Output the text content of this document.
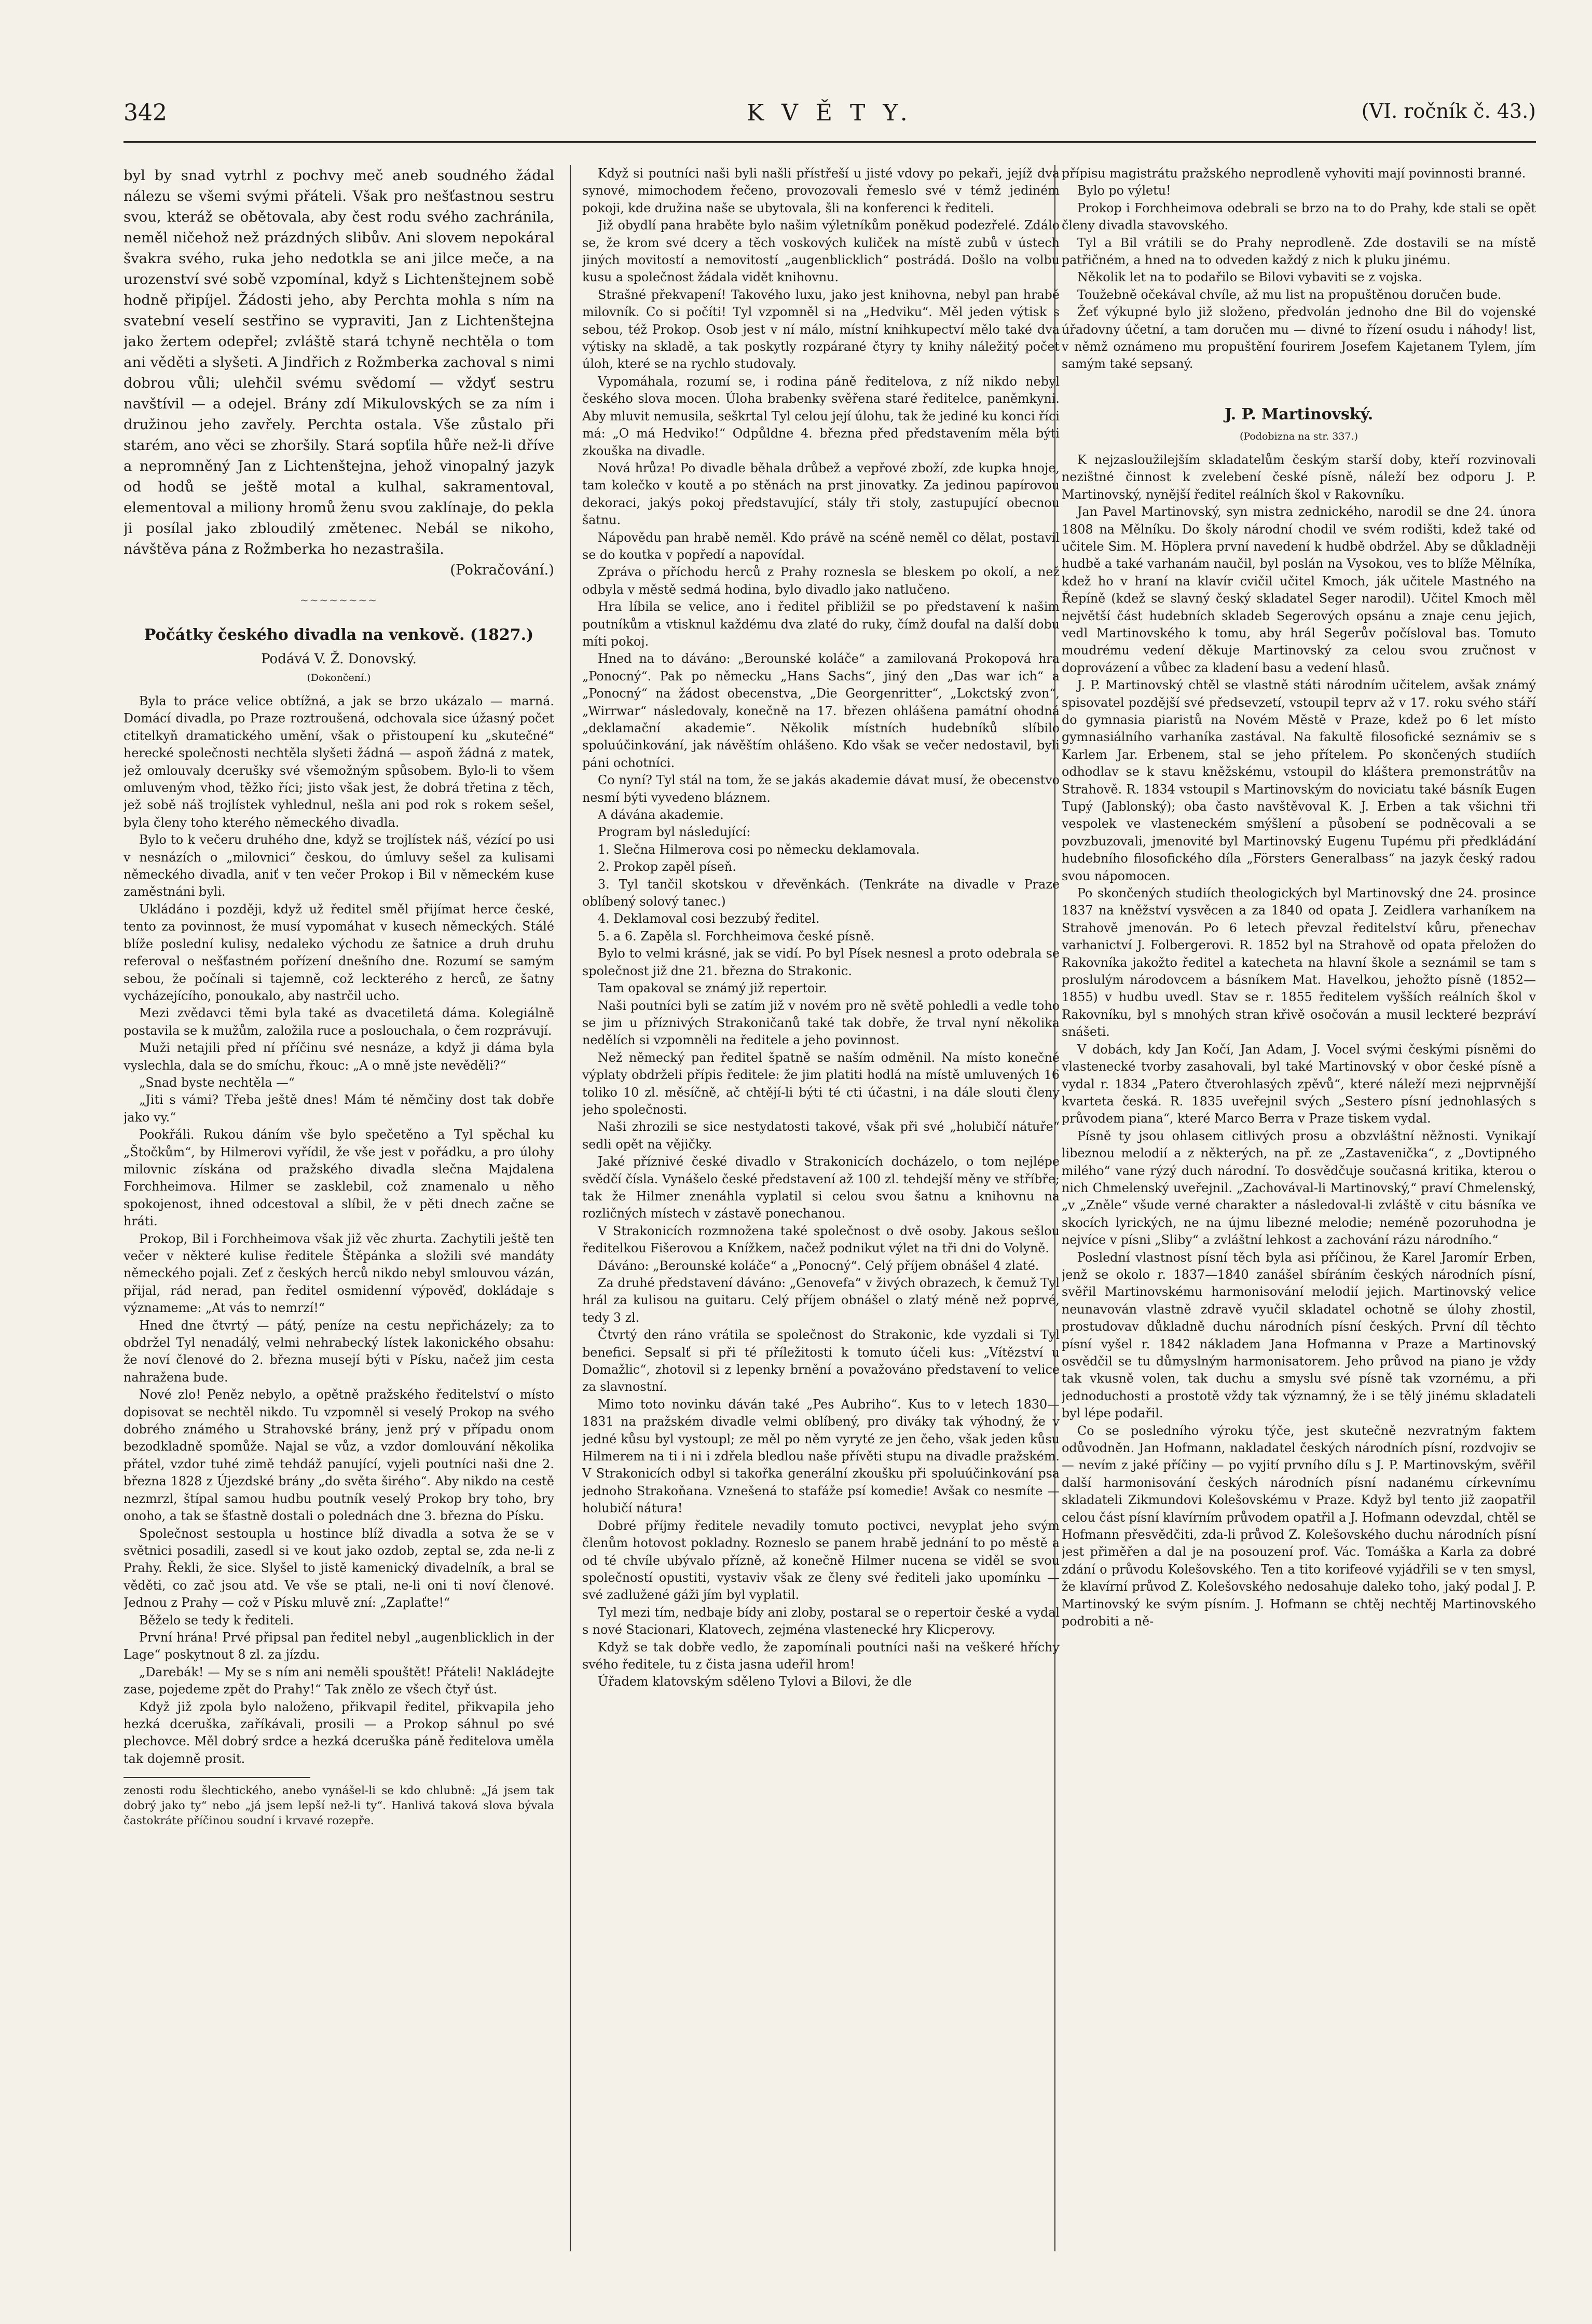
342	K V Ě T Y.	(VI. ročník č. 43.)

byl by snad vytrhl z pochvy meč aneb soudného žádal nálezu se všemi svými přáteli. Však pro nešťastnou sestru svou, kteráž se obětovala, aby čest rodu svého zachránila, neměl ničehož než prázdných slibův. Ani slovem nepokáral švakra svého, ruka jeho nedotkla se ani jilce meče, a na urozenství své sobě vzpomínal, když s Lichtenštejnem sobě hodně připíjel. Žádosti jeho, aby Perchta mohla s ním na svatební veselí sestřino se vypraviti, Jan z Lichtenštejna jako žertem odepřel; zvláště stará tchyně nechtěla o tom ani věděti a slyšeti. A Jindřich z Rožmberka zachoval s nimi dobrou vůli; ulehčil svému svědomí — vždyť sestru navštívil — a odejel. Brány zdí Mikulovských se za ním i družinou jeho zavřely. Perchta ostala. Vše zůstalo při starém, ano věci se zhoršily. Stará sopťila hůře než-li dříve a nepromněný Jan z Lichtenštejna, jehož vinopalný jazyk od hodů se ještě motal a kulhal, sakramentoval, elementoval a miliony hromů ženu svou zaklínaje, do pekla ji posílal jako zbloudilý změtenec. Nebál se nikoho, návštěva pána z Rožmberka ho nezastrašila.

(Pokračování.)

~~~~~~~~
Počátky českého divadla na venkově. (1827.)
Podává V. Ž. Donovský.
(Dokončení.)

Byla to práce velice obtížná, a jak se brzo ukázalo — marná. Domácí divadla, po Praze roztroušená, odchovala sice úžasný počet ctitelkyň dramatického umění, však o přistoupení ku „skutečné“ herecké společnosti nechtěla slyšeti žádná — aspoň žádná z matek, jež omlouvaly dcerušky své všemožným spůsobem. Bylo-li to všem omluveným vhod, těžko říci; jisto však jest, že dobrá třetina z těch, jež sobě náš trojlístek vyhlednul, nešla ani pod rok s rokem sešel, byla členy toho kterého německého divadla.

Bylo to k večeru druhého dne, když se trojlístek náš, vézící po usi v nesnázích o „milovnici“ českou, do úmluvy sešel za kulisami německého divadla, aniť v ten večer Prokop i Bil v německém kuse zaměstnáni byli.

Ukládáno i později, když už ředitel směl přijímat herce české, tento za povinnost, že musí vypomáhat v kusech německých. Stálé blíže poslední kulisy, nedaleko východu ze šatnice a druh druhu referoval o nešťastném pořízení dnešního dne. Rozumí se samým sebou, že počínali si tajemně, což leckterého z herců, ze šatny vycházejícího, ponoukalo, aby nastrčil ucho.

Mezi zvědavci těmi byla také as dvacetiletá dáma. Kolegiálně postavila se k mužům, založila ruce a poslouchala, o čem rozprávují.

Muži netajili před ní příčinu své nesnáze, a když ji dáma byla vyslechla, dala se do smíchu, řkouc: „A o mně jste nevěděli?“

„Snad byste nechtěla —“

„Jiti s vámi? Třeba ještě dnes! Mám té němčiny dost tak dobře jako vy.“

Pookřáli. Rukou dáním vše bylo spečetěno a Tyl spěchal ku „Štočkům“, by Hilmerovi vyřídil, že vše jest v pořádku, a pro úlohy milovnic získána od pražského divadla slečna Majdalena Forchheimova. Hilmer se zasklebil, což znamenalo u něho spokojenost, ihned odcestoval a slíbil, že v pěti dnech začne se hráti.

Prokop, Bil i Forchheimova však již věc zhurta. Zachytili ještě ten večer v některé kulise ředitele Štěpánka a složili své mandáty německého pojali. Zeť z českých herců nikdo nebyl smlouvou vázán, přijal, rád nerad, pan ředitel osmidenní výpověď, dokládaje s význameme: „At vás to nemrzí!“

Hned dne čtvrtý — pátý, peníze na cestu nepřicházely; za to obdržel Tyl nenadálý, velmi nehrabecký lístek lakonického obsahu: že noví členové do 2. března musejí býti v Písku, načež jim cesta nahražena bude.

Nové zlo! Peněz nebylo, a opětně pražského ředitelství o místo dopisovat se nechtěl nikdo. Tu vzpomněl si veselý Prokop na svého dobrého známého u Strahovské brány, jenž prý v případu onom bezodkladně spomůže. Najal se vůz, a vzdor domlouvání několika přátel, vzdor tuhé zimě tehdáž panující, vyjeli poutníci naši dne 2. března 1828 z Újezdské brány „do světa širého“. Aby nikdo na cestě nezmrzl, štípal samou hudbu poutník veselý Prokop bry toho, bry onoho, a tak se šťastně dostali o polednách dne 3. března do Písku.

Společnost sestoupla u hostince blíž divadla a sotva že se v světnici posadili, zasedl si ve kout jako ozdob, zeptal se, zda ne-li z Prahy. Řekli, že sice. Slyšel to jistě kamenický divadelník, a bral se věděti, co zač jsou atd. Ve vše se ptali, ne-li oni ti noví členové. Jednou z Prahy — což v Písku mluvě zní: „Zaplaťte!“

Běželo se tedy k řediteli.

První hrána! Prvé připsal pan ředitel nebyl „augenblicklich in der Lage“ poskytnout 8 zl. za jízdu.

„Darebák! — My se s ním ani neměli spouštět! Přáteli! Nakládejte zase, pojedeme zpět do Prahy!“ Tak znělo ze všech čtyř úst.

Když již zpola bylo naloženo, přikvapil ředitel, přikvapila jeho hezká dceruška, zaříkávali, prosili — a Prokop sáhnul po své plechovce. Měl dobrý srdce a hezká dceruška páně ředitelova uměla tak dojemně prosit.

zenosti rodu šlechtického, anebo vynášel-li se kdo chlubně: „Já jsem tak dobrý jako ty“ nebo „já jsem lepší než-li ty“. Hanlivá taková slova bývala častokráte příčinou soudní i krvavé rozepře.

Když si poutníci naši byli našli přístřeší u jisté vdovy po pekaři, jejíž dva synové, mimochodem řečeno, provozovali řemeslo své v témž jediném pokoji, kde družina naše se ubytovala, šli na konferenci k řediteli.

Již obydlí pana hraběte bylo našim výletníkům poněkud podezřelé. Zdálo se, že krom své dcery a těch voskových kuliček na místě zubů v ústech jiných movitostí a nemovitostí „augenblicklich“ postrádá. Došlo na volbu kusu a společnost žádala vidět knihovnu.

Strašné překvapení! Takového luxu, jako jest knihovna, nebyl pan hrabě milovník. Co si počíti! Tyl vzpomněl si na „Hedviku“. Měl jeden výtisk s sebou, též Prokop. Osob jest v ní málo, místní knihkupectví mělo také dva výtisky na skladě, a tak poskytly rozpárané čtyry ty knihy náležitý počet úloh, které se na rychlo studovaly.

Vypomáhala, rozumí se, i rodina páně ředitelova, z níž nikdo nebyl českého slova mocen. Úloha brabenky svěřena staré ředitelce, paněmkyni. Aby mluvit nemusila, seškrtal Tyl celou její úlohu, tak že jediné ku konci říci má: „O má Hedviko!“ Odpůldne 4. března před představením měla býti zkouška na divadle.

Nová hrůza! Po divadle běhala drůbež a vepřové zboží, zde kupka hnoje, tam kolečko v koutě a po stěnách na prst jinovatky. Za jedinou papírovou dekoraci, jakýs pokoj představující, stály tři stoly, zastupující obecnou šatnu.

Nápovědu pan hrabě neměl. Kdo právě na scéně neměl co dělat, postavil se do koutka v popředí a napovídal.

Zpráva o příchodu herců z Prahy roznesla se bleskem po okolí, a než odbyla v městě sedmá hodina, bylo divadlo jako natlučeno.

Hra líbila se velice, ano i ředitel přibližil se po představení k našim poutníkům a vtisknul každému dva zlaté do ruky, čímž doufal na další dobu míti pokoj.

Hned na to dáváno: „Berounské koláče“ a zamilovaná Prokopová hra „Ponocný“. Pak po německu „Hans Sachs“, jiný den „Das war ich“ a „Ponocný“ na žádost obecenstva, „Die Georgenritter“, „Lokctský zvon“, „Wirrwar“ následovaly, konečně na 17. březen ohlášena památní ohodná „deklamační akademie“. Několik místních hudebníků slíbilo spoluúčinkování, jak návěštím ohlášeno. Kdo však se večer nedostavil, byli páni ochotníci.

Co nyní? Tyl stál na tom, že se jakás akademie dávat musí, že obecenstvo nesmí býti vyvedeno bláznem.

A dávána akademie.

Program byl následující:

1. Slečna Hilmerova cosi po německu deklamovala.

2. Prokop zapěl píseň.

3. Tyl tančil skotskou v dřevěnkách. (Tenkráte na divadle v Praze oblíbený solový tanec.)

4. Deklamoval cosi bezzubý ředitel.

5. a 6. Zapěla sl. Forchheimova české písně.

Bylo to velmi krásné, jak se vidí. Po byl Písek nesnesl a proto odebrala se společnost již dne 21. března do Strakonic.

Tam opakoval se známý již repertoir.

Naši poutníci byli se zatím již v novém pro ně světě pohledli a vedle toho se jim u příznivých Strakoničanů také tak dobře, že trval nyní několika nedělích si vzpomněli na ředitele a jeho povinnost.

Než německý pan ředitel špatně se naším odměnil. Na místo konečné výplaty obdrželi přípis ředitele: že jim platiti hodlá na místě umluvených 16 toliko 10 zl. měsíčně, ač chtějí-li býti té cti účastni, i na dále slouti členy jeho společnosti.

Naši zhrozili se sice nestydatosti takové, však při své „holubičí nátuře“ sedli opět na vějičky.

Jaké příznivé české divadlo v Strakonicích docházelo, o tom nejlépe svědčí čísla. Vynášelo české představení až 100 zl. tehdejší měny ve stříbře; tak že Hilmer znenáhla vyplatil si celou svou šatnu a knihovnu na rozličných místech v zástavě ponechanou.

V Strakonicích rozmnožena také společnost o dvě osoby. Jakous sešlou ředitelkou Fišerovou a Knížkem, načež podnikut výlet na tři dni do Volyně.

Dáváno: „Berounské koláče“ a „Ponocný“. Celý příjem obnášel 4 zlaté.

Za druhé představení dáváno: „Genovefa“ v živých obrazech, k čemuž Tyl hrál za kulisou na guitaru. Celý příjem obnášel o zlatý méně než poprvé, tedy 3 zl.

Čtvrtý den ráno vrátila se společnost do Strakonic, kde vyzdali si Tyl benefici. Sepsalť si při té příležitosti k tomuto účeli kus: „Vítězství u Domažlic“, zhotovil si z lepenky brnění a považováno představení to velice za slavnostní.

Mimo toto novinku dáván také „Pes Aubriho“. Kus to v letech 1830—1831 na pražském divadle velmi oblíbený, pro diváky tak výhodný, že v jedné kůsu byl vystoupl; ze měl po něm vyryté ze jen čeho, však jeden kůsu Hilmerem na ti i ni i zdřela bledlou naše přívěti stupu na divadle pražském. V Strakonicích odbyl si takořka generální zkoušku při spoluúčinkování psa jednoho Strakoňana. Vznešená to stafáže psí komedie! Avšak co nesmíte — holubičí nátura!

Dobré příjmy ředitele nevadily tomuto poctivci, nevyplat jeho svým členům hotovost pokladny. Rozneslo se panem hrabě jednání to po městě a od té chvíle ubývalo přízně, až konečně Hilmer nucena se viděl se svou společností opustiti, vystaviv však ze členy své řediteli jako upomínku — své zadlužené gáži jím byl vyplatil.

Tyl mezi tím, nedbaje bídy ani zloby, postaral se o repertoir české a vydal s nové Stacionari, Klatovech, zejména vlastenecké hry Klicperovy.

Když se tak dobře vedlo, že zapomínali poutníci naši na veškeré hříchy svého ředitele, tu z čista jasna udeřil hrom!

Úřadem klatovským sděleno Tylovi a Bilovi, že dle

přípisu magistrátu pražského neprodleně vyhoviti mají povinnosti branné.

Bylo po výletu!

Prokop i Forchheimova odebrali se brzo na to do Prahy, kde stali se opět členy divadla stavovského.

Tyl a Bil vrátili se do Prahy neprodleně. Zde dostavili se na místě patřičném, a hned na to odveden každý z nich k pluku jinému.

Několik let na to podařilo se Bilovi vybaviti se z vojska.

Toužebně očekával chvíle, až mu list na propuštěnou doručen bude.

Žeť výkupné bylo již složeno, předvolán jednoho dne Bil do vojenské úřadovny účetní, a tam doručen mu — divné to řízení osudu i náhody! list, v němž oznámeno mu propuštění fourirem Josefem Kajetanem Tylem, jím samým také sepsaný.

J. P. Martinovský.
(Podobizna na str. 337.)

K nejzasloužilejším skladatelům českým starší doby, kteří rozvinovali nezištné činnost k zvelebení české písně, náleží bez odporu J. P. Martinovský, nynější ředitel reálních škol v Rakovníku.

Jan Pavel Martinovský, syn mistra zednického, narodil se dne 24. února 1808 na Mělníku. Do školy národní chodil ve svém rodišti, kdež také od učitele Sim. M. Höplera první navedení k hudbě obdržel. Aby se důkladněji hudbě a také varhanám naučil, byl poslán na Vysokou, ves to blíže Mělníka, kdež ho v hraní na klavír cvičil učitel Kmoch, ják učitele Mastného na Řepíně (kdež se slavný český skladatel Seger narodil). Učitel Kmoch měl největší část hudebních skladeb Segerových opsánu a znaje cenu jejich, vedl Martinovského k tomu, aby hrál Segerův počísloval bas. Tomuto moudrému vedení děkuje Martinovský za celou svou zručnost v doprovázení a vůbec za kladení basu a vedení hlasů.

J. P. Martinovský chtěl se vlastně státi národním učitelem, avšak známý spisovatel pozdější své předsevzetí, vstoupil teprv až v 17. roku svého stáří do gymnasia piaristů na Novém Městě v Praze, kdež po 6 let místo gymnasiálního varhaníka zastával. Na fakultě filosofické seznámiv se s Karlem Jar. Erbenem, stal se jeho přítelem. Po skončených studiích odhodlav se k stavu kněžskému, vstoupil do kláštera premonstrátův na Strahově. R. 1834 vstoupil s Martinovským do noviciatu také básník Eugen Tupý (Jablonský); oba často navštěvoval K. J. Erben a tak všichni tři vespolek ve vlasteneckém smýšlení a působení se podněcovali a se povzbuzovali, jmenovité byl Martinovský Eugenu Tupému při předkládání hudebního filosofického díla „Försters Generalbass“ na jazyk český radou svou nápomocen.

Po skončených studiích theologických byl Martinovský dne 24. prosince 1837 na kněžství vysvěcen a za 1840 od opata J. Zeidlera varhaníkem na Strahově jmenován. Po 6 letech převzal ředitelství kůru, přenechav varhanictví J. Folbergerovi. R. 1852 byl na Strahově od opata přeložen do Rakovníka jakožto ředitel a katecheta na hlavní škole a seznámil se tam s proslulým národovcem a básníkem Mat. Havelkou, jehožto písně (1852—1855) v hudbu uvedl. Stav se r. 1855 ředitelem vyšších reálních škol v Rakovníku, byl s mnohých stran křivě osočován a musil leckteré bezpráví snášeti.

V dobách, kdy Jan Kočí, Jan Adam, J. Vocel svými českými písněmi do vlastenecké tvorby zasahovali, byl také Martinovský v obor české písně a vydal r. 1834 „Patero čtverohlasých zpěvů“, které náleží mezi nejprvnější kvarteta česká. R. 1835 uveřejnil svých „Sestero písní jednohlasých s průvodem piana“, které Marco Berra v Praze tiskem vydal.

Písně ty jsou ohlasem citlivých prosu a obzvláštní něžnosti. Vynikají libeznou melodií a z některých, na př. ze „Zastavenička“, z „Dovtipného milého“ vane rýzý duch národní. To dosvědčuje současná kritika, kterou o nich Chmelenský uveřejnil. „Zachovával-li Martinovský,“ praví Chmelenský, „v „Zněle“ všude verné charakter a následoval-li zvláště v citu básníka ve skocích lyrických, ne na újmu libezné melodie; neméně pozoruhodna je nejvíce v písni „Sliby“ a zvláštní lehkost a zachování rázu národního.“

Poslední vlastnost písní těch byla asi příčinou, že Karel Jaromír Erben, jenž se okolo r. 1837—1840 zanášel sbíráním českých národních písní, svěřil Martinovskému harmonisování melodií jejich. Martinovský velice neunavován vlastně zdravě vyučil skladatel ochotně se úlohy zhostil, prostudovav důkladně duchu národních písní českých. První díl těchto písní vyšel r. 1842 nákladem Jana Hofmanna v Praze a Martinovský osvědčil se tu důmyslným harmonisatorem. Jeho průvod na piano je vždy tak vkusně volen, tak duchu a smyslu své písně tak vzornému, a při jednoduchosti a prostotě vždy tak významný, že i se tělý jinému skladateli byl lépe podařil.

Co se posledního výroku týče, jest skutečně nezvratným faktem odůvodněn. Jan Hofmann, nakladatel českých národních písní, rozdvojiv se — nevím z jaké příčiny — po vyjití prvního dílu s J. P. Martinovským, svěřil další harmonisování českých národních písní nadanému církevnímu skladateli Zikmundovi Kolešovskému v Praze. Když byl tento již zaopatřil celou část písní klavírním průvodem opatřil a J. Hofmann odevzdal, chtěl se Hofmann přesvědčiti, zda-li průvod Z. Kolešovského duchu národních písní jest přiměřen a dal je na posouzení prof. Vác. Tomáška a Karla za dobré zdání o průvodu Kolešovského. Ten a tito korifeové vyjádřili se v ten smysl, že klavírní průvod Z. Kolešovského nedosahuje daleko toho, jaký podal J. P. Martinovský ke svým písním. J. Hofmann se chtěj nechtěj Martinovského podrobiti a ně-
